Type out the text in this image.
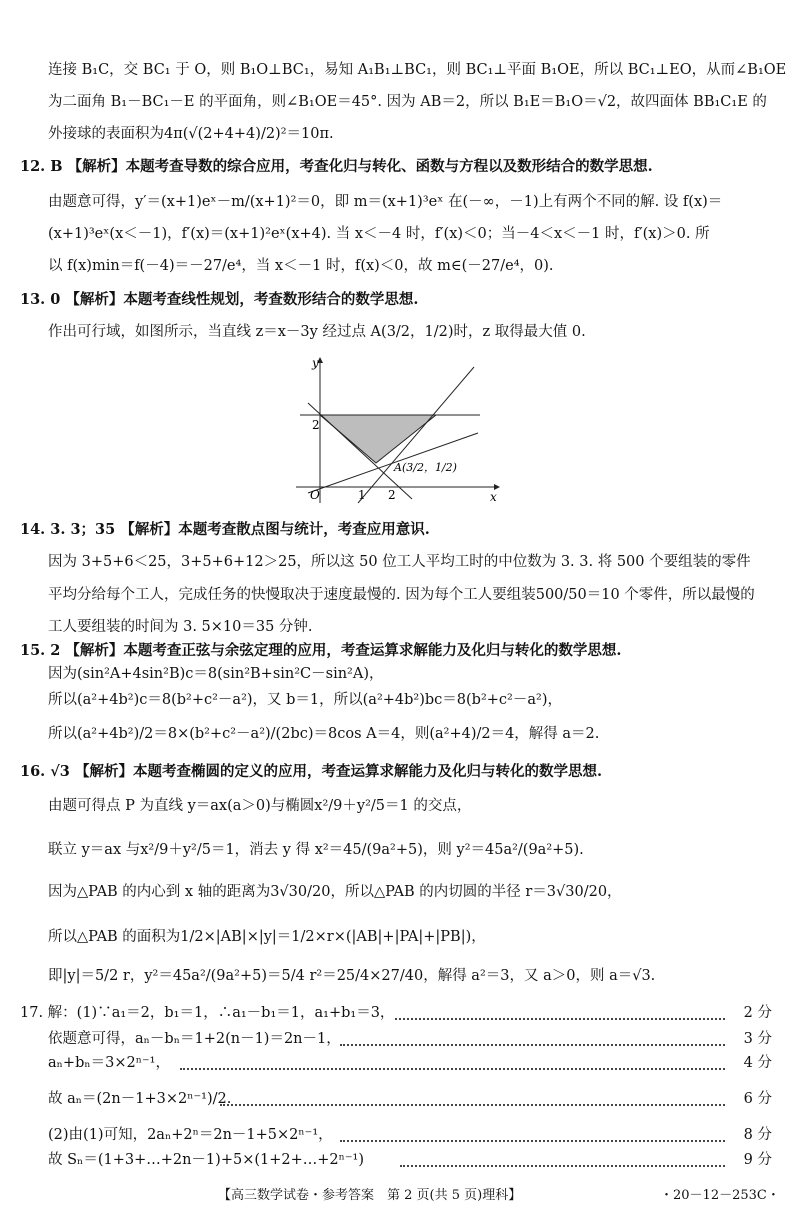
连接 B₁C，交 BC₁ 于 O，则 B₁O⊥BC₁，易知 A₁B₁⊥BC₁，则 BC₁⊥平面 B₁OE，所以 BC₁⊥EO，从而∠B₁OE
为二面角 B₁－BC₁－E 的平面角，则∠B₁OE＝45°. 因为 AB＝2，所以 B₁E＝B₁O＝√2，故四面体 BB₁C₁E 的
外接球的表面积为4π(√(2+4+4)/2)²＝10π.
12. B 【解析】本题考查导数的综合应用，考查化归与转化、函数与方程以及数形结合的数学思想.
由题意可得，y′＝(x+1)eˣ－m/(x+1)²＝0，即 m＝(x+1)³eˣ 在(－∞，－1)上有两个不同的解. 设 f(x)＝
(x+1)³eˣ(x＜－1)，f′(x)＝(x+1)²eˣ(x+4). 当 x＜－4 时，f′(x)＜0；当－4＜x＜－1 时，f′(x)＞0. 所
以 f(x)min＝f(－4)＝－27/e⁴，当 x＜－1 时，f(x)＜0，故 m∈(－27/e⁴，0).
13. 0 【解析】本题考查线性规划，考查数形结合的数学思想.
作出可行域，如图所示，当直线 z＝x－3y 经过点 A(3/2，1/2)时，z 取得最大值 0.
y
x
O	1 2
2
A(3/2，1/2)
14. 3. 3；35 【解析】本题考查散点图与统计，考查应用意识.
因为 3+5+6＜25，3+5+6+12＞25，所以这 50 位工人平均工时的中位数为 3. 3. 将 500 个要组装的零件
平均分给每个工人，完成任务的快慢取决于速度最慢的. 因为每个工人要组装500/50＝10 个零件，所以最慢的
工人要组装的时间为 3. 5×10＝35 分钟.
15. 2 【解析】本题考查正弦与余弦定理的应用，考查运算求解能力及化归与转化的数学思想.
因为(sin²A+4sin²B)c＝8(sin²B+sin²C－sin²A)，
所以(a²+4b²)c＝8(b²+c²－a²)，又 b＝1，所以(a²+4b²)bc＝8(b²+c²－a²)，
所以(a²+4b²)/2＝8×(b²+c²－a²)/(2bc)＝8cos A＝4，则(a²+4)/2＝4，解得 a＝2.
16. √3 【解析】本题考查椭圆的定义的应用，考查运算求解能力及化归与转化的数学思想.
由题可得点 P 为直线 y＝ax(a＞0)与椭圆x²/9＋y²/5＝1 的交点，
联立 y＝ax 与x²/9＋y²/5＝1，消去 y 得 x²＝45/(9a²+5)，则 y²＝45a²/(9a²+5).
因为△PAB 的内心到 x 轴的距离为3√30/20，所以△PAB 的内切圆的半径 r＝3√30/20，
所以△PAB 的面积为1/2×|AB|×|y|＝1/2×r×(|AB|+|PA|+|PB|)，
即|y|＝5/2 r，y²＝45a²/(9a²+5)＝5/4 r²＝25/4×27/40，解得 a²＝3，又 a＞0，则 a＝√3.
17. 解：(1)∵a₁＝2，b₁＝1，∴a₁－b₁＝1，a₁+b₁＝3，	2 分
依题意可得，aₙ－bₙ＝1+2(n－1)＝2n－1，	3 分
aₙ+bₙ＝3×2ⁿ⁻¹，	4 分
故 aₙ＝(2n－1+3×2ⁿ⁻¹)/2.	6 分
(2)由(1)可知，2aₙ+2ⁿ＝2n－1+5×2ⁿ⁻¹，	8 分
故 Sₙ＝(1+3+…+2n－1)+5×(1+2+…+2ⁿ⁻¹)	9 分
【高三数学试卷・参考答案　第 2 页(共 5 页)理科】	・20－12－253C・
